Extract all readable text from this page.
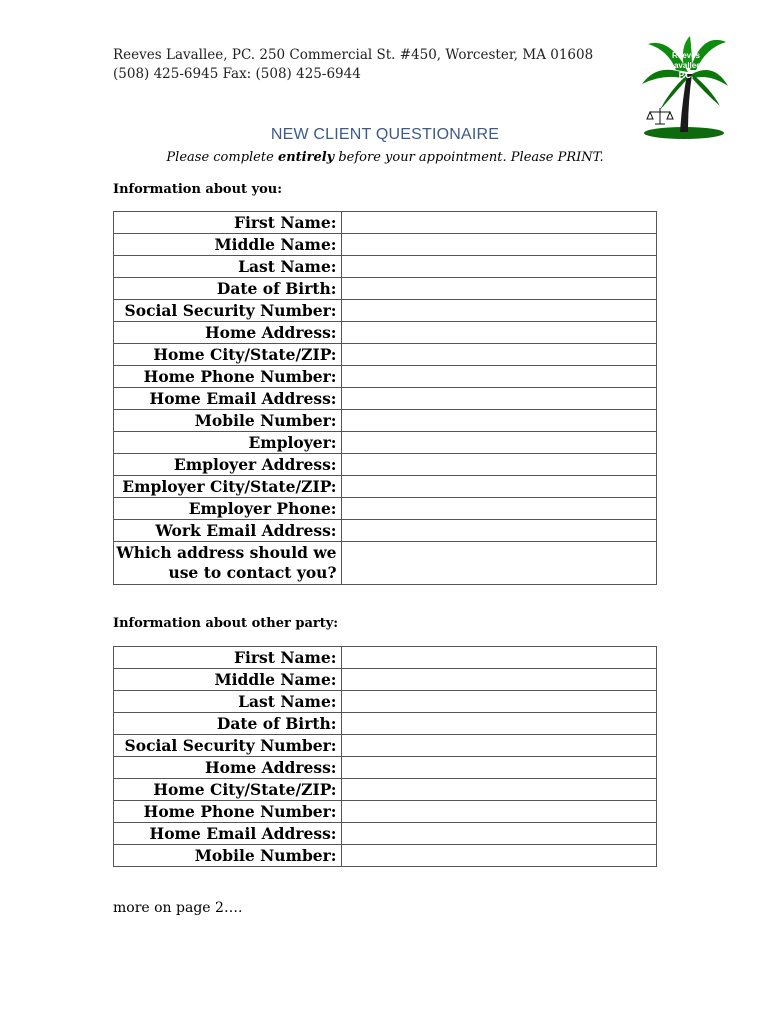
Reeves Lavallee, PC. 250 Commercial St. #450, Worcester, MA 01608
(508) 425-6945 Fax: (508) 425-6944
Reeves
Lavallee,
P.C.
NEW CLIENT QUESTIONAIRE
Please complete entirely before your appointment. Please PRINT.
Information about you:
First Name:	
Middle Name:	
Last Name:	
Date of Birth:	
Social Security Number:	
Home Address:	
Home City/State/ZIP:	
Home Phone Number:	
Home Email Address:	
Mobile Number:	
Employer:	
Employer Address:	
Employer City/State/ZIP:	
Employer Phone:	
Work Email Address:	

Which address should we
use to contact you?	

Information about other party:
First Name:	
Middle Name:	
Last Name:	
Date of Birth:	
Social Security Number:	
Home Address:	
Home City/State/ZIP:	
Home Phone Number:	
Home Email Address:	
Mobile Number:	
more on page 2….
